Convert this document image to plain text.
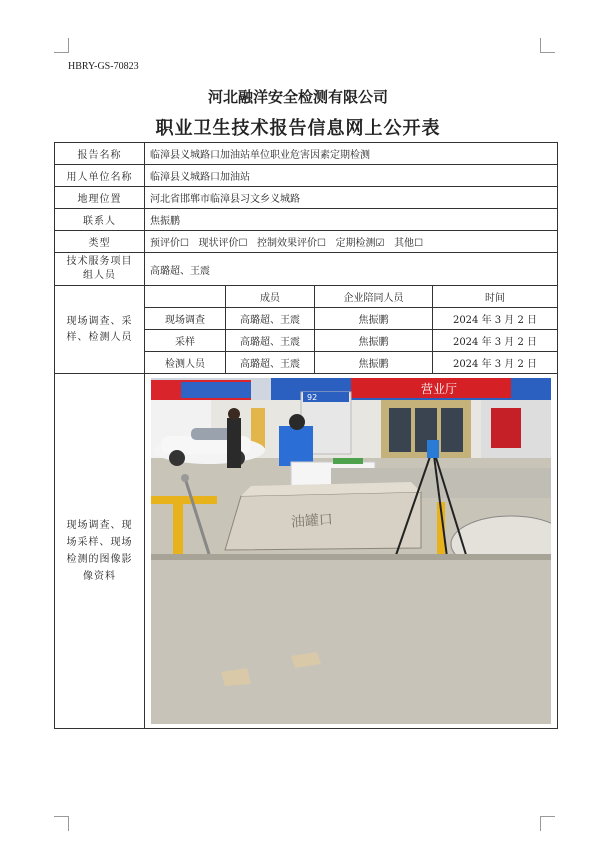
HBRY-GS-70823
河北融洋安全检测有限公司
职业卫生技术报告信息网上公开表
报告名称	临漳县义城路口加油站单位职业危害因素定期检测			
用人单位名称	临漳县义城路口加油站			
地理位置	河北省邯郸市临漳县习文乡义城路			
联系人	焦振鹏			
类型	预评价☐ 现状评价☐ 控制效果评价☐ 定期检测☑ 其他☐			
技术服务项目组人员	高璐超、王震			
现场调查、采样、检测人员		成员	企业陪同人员	时间
	现场调查	高璐超、王震	焦振鹏	2024 年 3 月 2 日
	采样	高璐超、王震	焦振鹏	2024 年 3 月 2 日
	检测人员	高璐超、王震	焦振鹏	2024 年 3 月 2 日
现场调查、现场采样、现场检测的图像影像资料	营业厅
92
油罐口			
